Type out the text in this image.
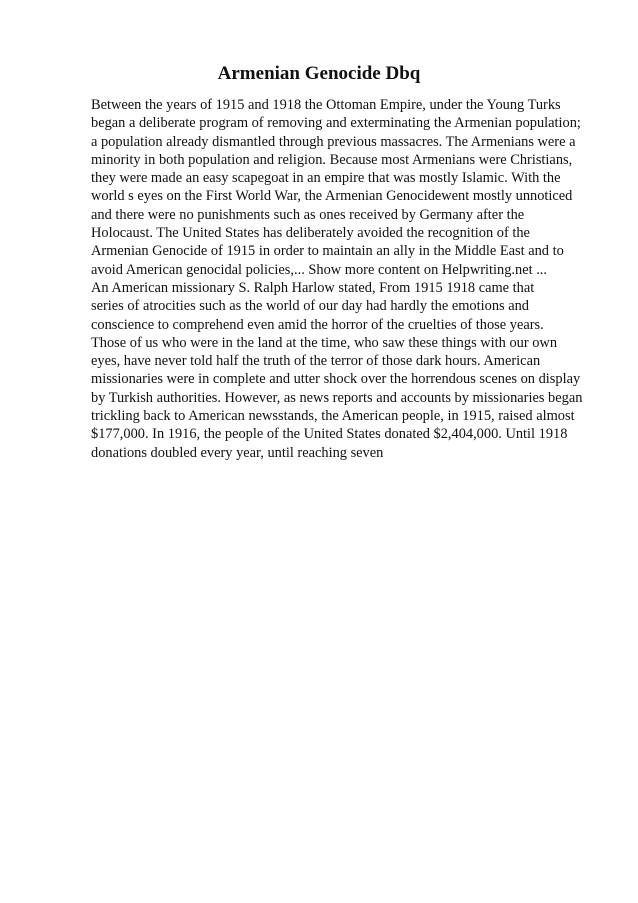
Armenian Genocide Dbq
Between the years of 1915 and 1918 the Ottoman Empire, under the Young Turks
began a deliberate program of removing and exterminating the Armenian population;
a population already dismantled through previous massacres. The Armenians were a
minority in both population and religion. Because most Armenians were Christians,
they were made an easy scapegoat in an empire that was mostly Islamic. With the
world s eyes on the First World War, the Armenian Genocidewent mostly unnoticed
and there were no punishments such as ones received by Germany after the
Holocaust. The United States has deliberately avoided the recognition of the
Armenian Genocide of 1915 in order to maintain an ally in the Middle East and to
avoid American genocidal policies,... Show more content on Helpwriting.net ...
An American missionary S. Ralph Harlow stated, From 1915 1918 came that
series of atrocities such as the world of our day had hardly the emotions and
conscience to comprehend even amid the horror of the cruelties of those years.
Those of us who were in the land at the time, who saw these things with our own
eyes, have never told half the truth of the terror of those dark hours. American
missionaries were in complete and utter shock over the horrendous scenes on display
by Turkish authorities. However, as news reports and accounts by missionaries began
trickling back to American newsstands, the American people, in 1915, raised almost
$177,000. In 1916, the people of the United States donated $2,404,000. Until 1918
donations doubled every year, until reaching seven
